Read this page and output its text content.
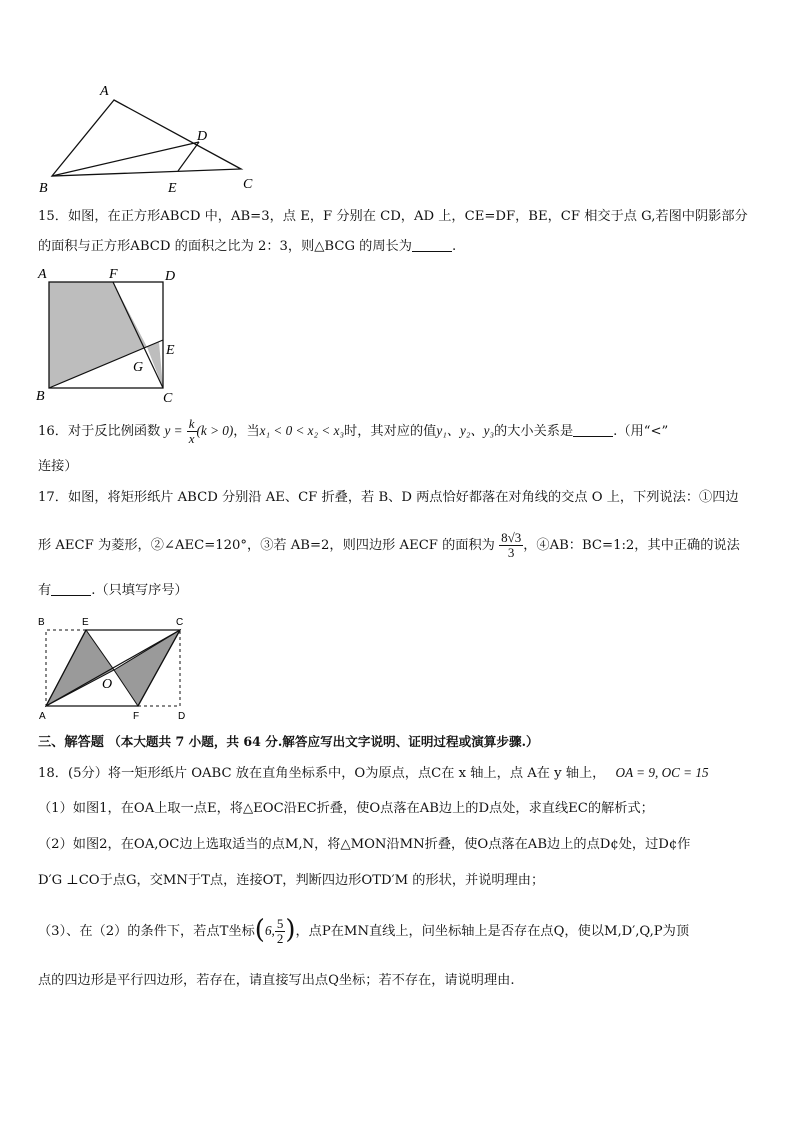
A
D
B	E	C
15．如图，在正方形ABCD 中，AB=3，点 E，F 分别在 CD，AD 上，CE=DF，BE，CF 相交于点 G,若图中阴影部分
的面积与正方形ABCD 的面积之比为 2：3，则△BCG 的周长为	.
A	F	D
E
G
B	C
16．对于反比例函数 $y = \frac{k}{x} (k > 0)$，当x₁ < 0 < x₂ < x₃时，其对应的值y₁、y₂、y₃的大小关系是	.（用“<”
连接）
17．如图，将矩形纸片 ABCD 分别沿 AE、CF 折叠，若 B、D 两点恰好都落在对角线的交点 O 上，下列说法：①四边
形 AECF 为菱形，②∠AEC=120°，③若 AB=2，则四边形 AECF 的面积为 $\frac{8√3}{3}$ ，④AB：BC=1:2，其中正确的说法
有	.（只填写序号）
B	E	C
O
A	F	D
三、解答题 （本大题共 7 小题，共 64 分.解答应写出文字说明、证明过程或演算步骤.）
18．(5分）将一矩形纸片 OABC 放在直角坐标系中，O为原点，点C在 x 轴上，点 A在 y 轴上， OA = 9, OC = 15
（1）如图1，在OA上取一点E，将△EOC沿EC折叠，使O点落在AB边上的D点处，求直线EC的解析式；
（2）如图2，在OA,OC边上选取适当的点M,N，将△MON沿MN折叠，使O点落在AB边上的点D¢处，过D¢作
D′G ⊥CO于点G，交MN于T点，连接OT，判断四边形OTD′M 的形状，并说明理由；
（3）、在（2）的条件下，若点T坐标(6, $\frac{5}{2}$ )，点P在MN直线上，问坐标轴上是否存在点Q，使以M,D′,Q,P为顶
点的四边形是平行四边形，若存在，请直接写出点Q坐标；若不存在，请说明理由.
